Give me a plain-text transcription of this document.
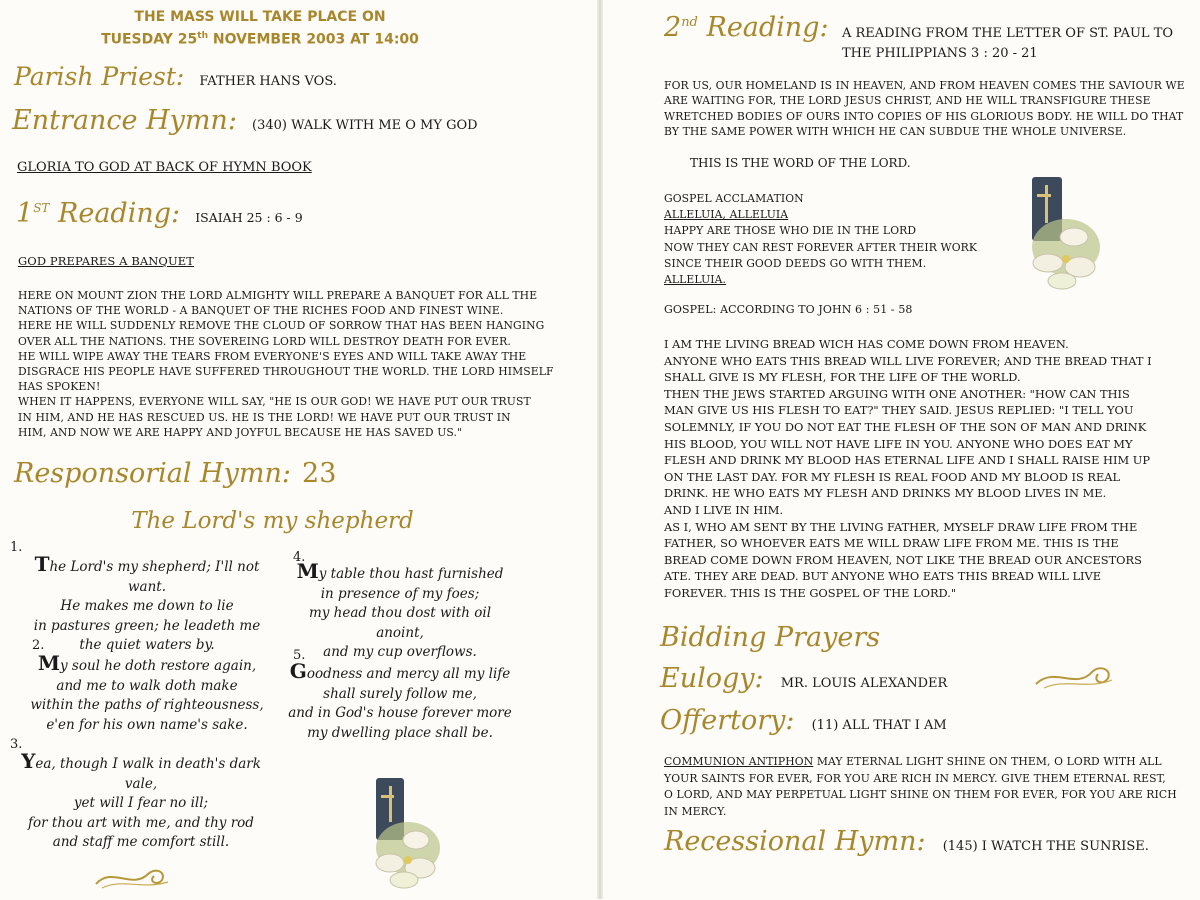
THE MASS WILL TAKE PLACE ON
TUESDAY 25th NOVEMBER 2003 AT 14:00
Parish Priest: FATHER HANS VOS.
Entrance Hymn: (340) WALK WITH ME O MY GOD
GLORIA TO GOD AT BACK OF HYMN BOOK
1ST Reading: ISAIAH 25 : 6 - 9
GOD PREPARES A BANQUET
HERE ON MOUNT ZION THE LORD ALMIGHTY WILL PREPARE A BANQUET FOR ALL THE
NATIONS OF THE WORLD - A BANQUET OF THE RICHES FOOD AND FINEST WINE.
HERE HE WILL SUDDENLY REMOVE THE CLOUD OF SORROW THAT HAS BEEN HANGING
OVER ALL THE NATIONS. THE SOVEREING LORD WILL DESTROY DEATH FOR EVER.
HE WILL WIPE AWAY THE TEARS FROM EVERYONE'S EYES AND WILL TAKE AWAY THE
DISGRACE HIS PEOPLE HAVE SUFFERED THROUGHOUT THE WORLD. THE LORD HIMSELF
HAS SPOKEN!
WHEN IT HAPPENS, EVERYONE WILL SAY, "HE IS OUR GOD! WE HAVE PUT OUR TRUST
IN HIM, AND HE HAS RESCUED US. HE IS THE LORD! WE HAVE PUT OUR TRUST IN
HIM, AND NOW WE ARE HAPPY AND JOYFUL BECAUSE HE HAS SAVED US."
Responsorial Hymn: 23
The Lord's my shepherd
1.
The Lord's my shepherd; I'll not want.
He makes me down to lie
in pastures green; he leadeth me
the quiet waters by.
2.
My soul he doth restore again,
and me to walk doth make
within the paths of righteousness,
e'en for his own name's sake.
3.
Yea, though I walk in death's dark vale,
yet will I fear no ill;
for thou art with me, and thy rod
and staff me comfort still.
4.
My table thou hast furnished
in presence of my foes;
my head thou dost with oil anoint,
and my cup overflows.
5.
Goodness and mercy all my life
shall surely follow me,
and in God's house forever more
my dwelling place shall be.
2nd Reading: A READING FROM THE LETTER OF ST. PAUL TO
THE PHILIPPIANS 3 : 20 - 21
FOR US, OUR HOMELAND IS IN HEAVEN, AND FROM HEAVEN COMES THE SAVIOUR WE
ARE WAITING FOR, THE LORD JESUS CHRIST, AND HE WILL TRANSFIGURE THESE
WRETCHED BODIES OF OURS INTO COPIES OF HIS GLORIOUS BODY. HE WILL DO THAT
BY THE SAME POWER WITH WHICH HE CAN SUBDUE THE WHOLE UNIVERSE.
THIS IS THE WORD OF THE LORD.
GOSPEL ACCLAMATION
ALLELUIA, ALLELUIA
HAPPY ARE THOSE WHO DIE IN THE LORD
NOW THEY CAN REST FOREVER AFTER THEIR WORK
SINCE THEIR GOOD DEEDS GO WITH THEM.
ALLELUIA.
GOSPEL: ACCORDING TO JOHN 6 : 51 - 58
I AM THE LIVING BREAD WICH HAS COME DOWN FROM HEAVEN.
ANYONE WHO EATS THIS BREAD WILL LIVE FOREVER; AND THE BREAD THAT I
SHALL GIVE IS MY FLESH, FOR THE LIFE OF THE WORLD.
THEN THE JEWS STARTED ARGUING WITH ONE ANOTHER: "HOW CAN THIS
MAN GIVE US HIS FLESH TO EAT?" THEY SAID. JESUS REPLIED: "I TELL YOU
SOLEMNLY, IF YOU DO NOT EAT THE FLESH OF THE SON OF MAN AND DRINK
HIS BLOOD, YOU WILL NOT HAVE LIFE IN YOU. ANYONE WHO DOES EAT MY
FLESH AND DRINK MY BLOOD HAS ETERNAL LIFE AND I SHALL RAISE HIM UP
ON THE LAST DAY. FOR MY FLESH IS REAL FOOD AND MY BLOOD IS REAL
DRINK. HE WHO EATS MY FLESH AND DRINKS MY BLOOD LIVES IN ME.
AND I LIVE IN HIM.
AS I, WHO AM SENT BY THE LIVING FATHER, MYSELF DRAW LIFE FROM THE
FATHER, SO WHOEVER EATS ME WILL DRAW LIFE FROM ME. THIS IS THE
BREAD COME DOWN FROM HEAVEN, NOT LIKE THE BREAD OUR ANCESTORS
ATE. THEY ARE DEAD. BUT ANYONE WHO EATS THIS BREAD WILL LIVE
FOREVER. THIS IS THE GOSPEL OF THE LORD."
Bidding Prayers
Eulogy: MR. LOUIS ALEXANDER
Offertory: (11) ALL THAT I AM
COMMUNION ANTIPHON MAY ETERNAL LIGHT SHINE ON THEM, O LORD WITH ALL
YOUR SAINTS FOR EVER, FOR YOU ARE RICH IN MERCY. GIVE THEM ETERNAL REST,
O LORD, AND MAY PERPETUAL LIGHT SHINE ON THEM FOR EVER, FOR YOU ARE RICH
IN MERCY.
Recessional Hymn: (145) I WATCH THE SUNRISE.
